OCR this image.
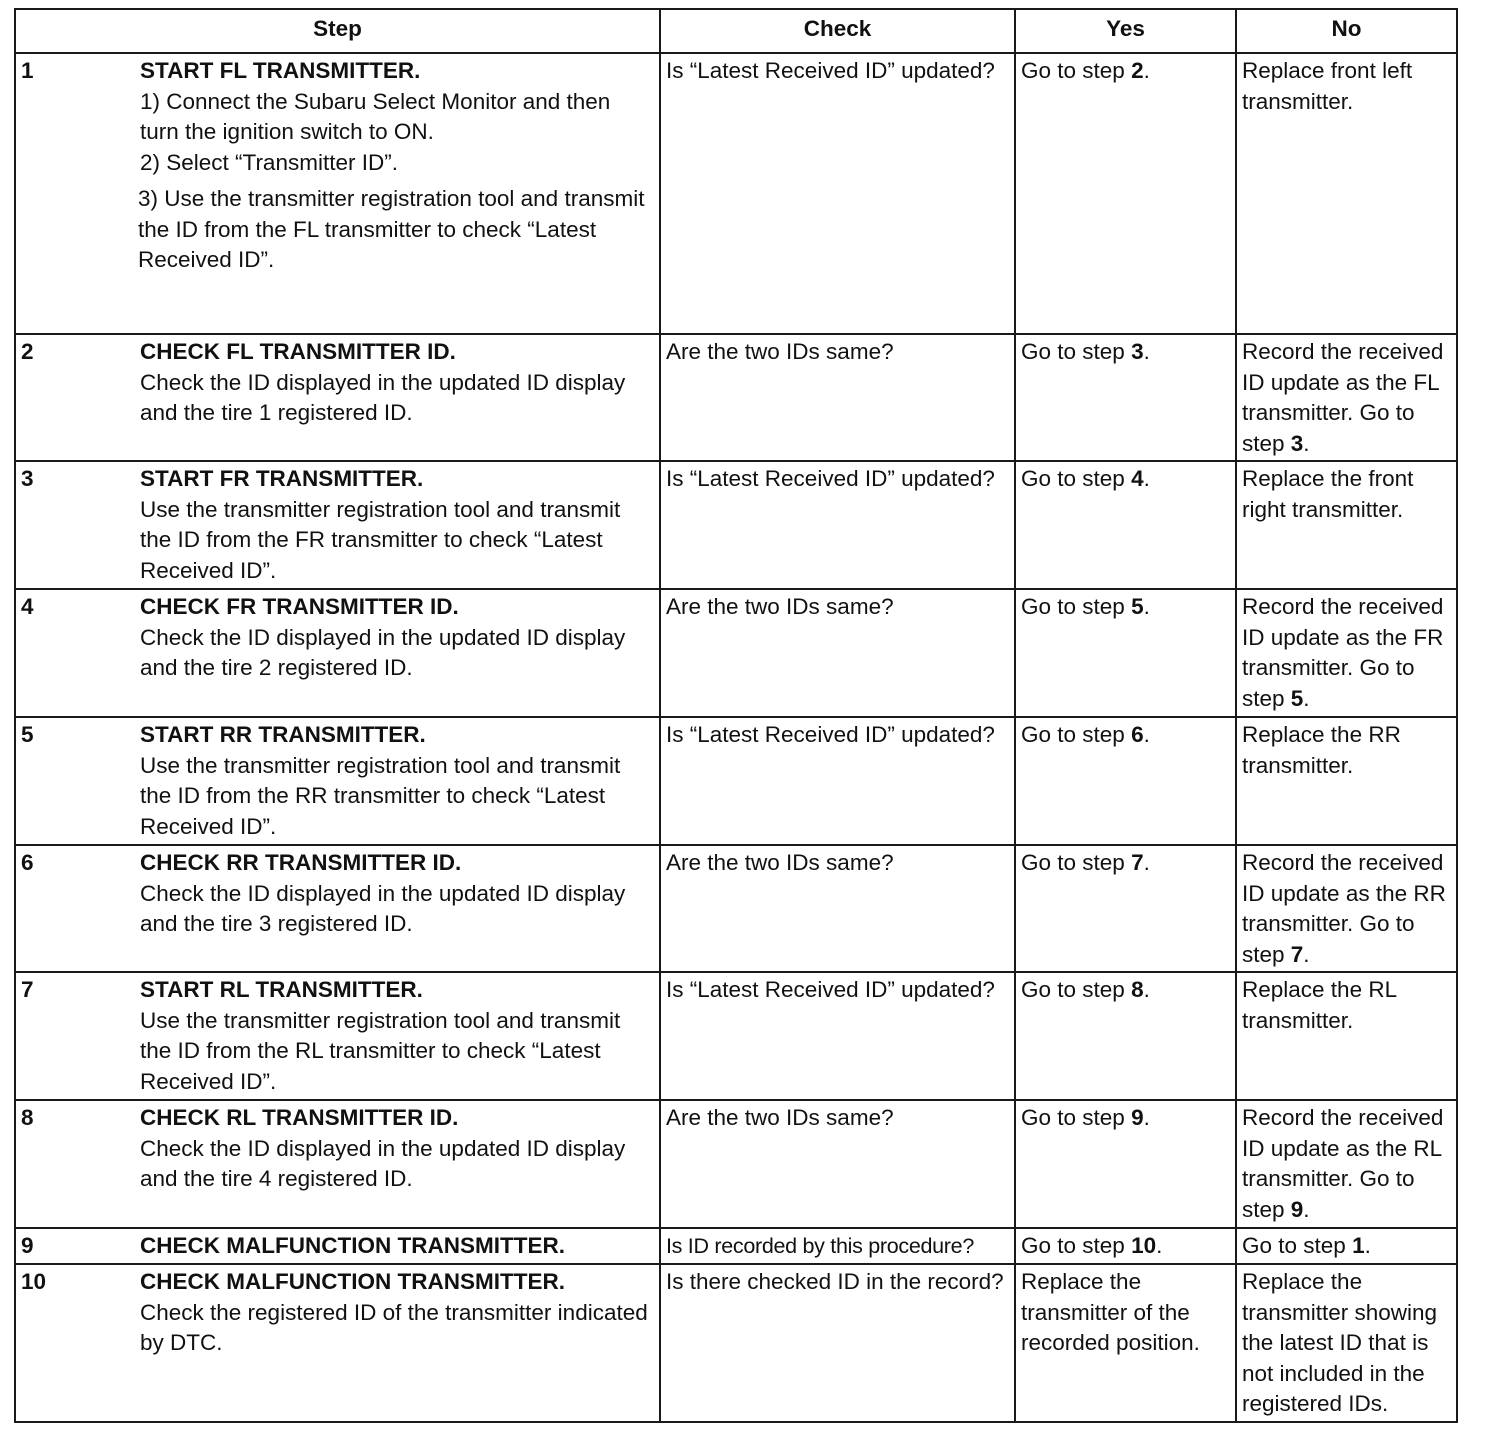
Step	Check	Yes	No

1 START FL TRANSMITTER.
1) Connect the Subaru Select Monitor and then turn the ignition switch to ON.
2) Select “Transmitter ID”.
3) Use the transmitter registration tool and transmit the ID from the FL transmitter to check “Latest Received ID”.	Is “Latest Received ID” updated?	Go to step 2.	Replace front left transmitter.

2 CHECK FL TRANSMITTER ID.
Check the ID displayed in the updated ID display and the tire 1 registered ID.	Are the two IDs same?	Go to step 3.	Record the received ID update as the FL transmitter. Go to step 3.

3 START FR TRANSMITTER.
Use the transmitter registration tool and transmit the ID from the FR transmitter to check “Latest Received ID”.	Is “Latest Received ID” updated?	Go to step 4.	Replace the front right transmitter.

4 CHECK FR TRANSMITTER ID.
Check the ID displayed in the updated ID display and the tire 2 registered ID.	Are the two IDs same?	Go to step 5.	Record the received ID update as the FR transmitter. Go to step 5.

5 START RR TRANSMITTER.
Use the transmitter registration tool and transmit the ID from the RR transmitter to check “Latest Received ID”.	Is “Latest Received ID” updated?	Go to step 6.	Replace the RR transmitter.

6 CHECK RR TRANSMITTER ID.
Check the ID displayed in the updated ID display and the tire 3 registered ID.	Are the two IDs same?	Go to step 7.	Record the received ID update as the RR transmitter. Go to step 7.

7 START RL TRANSMITTER.
Use the transmitter registration tool and transmit the ID from the RL transmitter to check “Latest Received ID”.	Is “Latest Received ID” updated?	Go to step 8.	Replace the RL transmitter.

8 CHECK RL TRANSMITTER ID.
Check the ID displayed in the updated ID display and the tire 4 registered ID.	Are the two IDs same?	Go to step 9.	Record the received ID update as the RL transmitter. Go to step 9.

9 CHECK MALFUNCTION TRANSMITTER.	Is ID recorded by this procedure?	Go to step 10.	Go to step 1.

10 CHECK MALFUNCTION TRANSMITTER.
Check the registered ID of the transmitter indicated by DTC.	Is there checked ID in the record?	Replace the transmitter of the recorded position.	Replace the transmitter showing the latest ID that is not included in the registered IDs.
